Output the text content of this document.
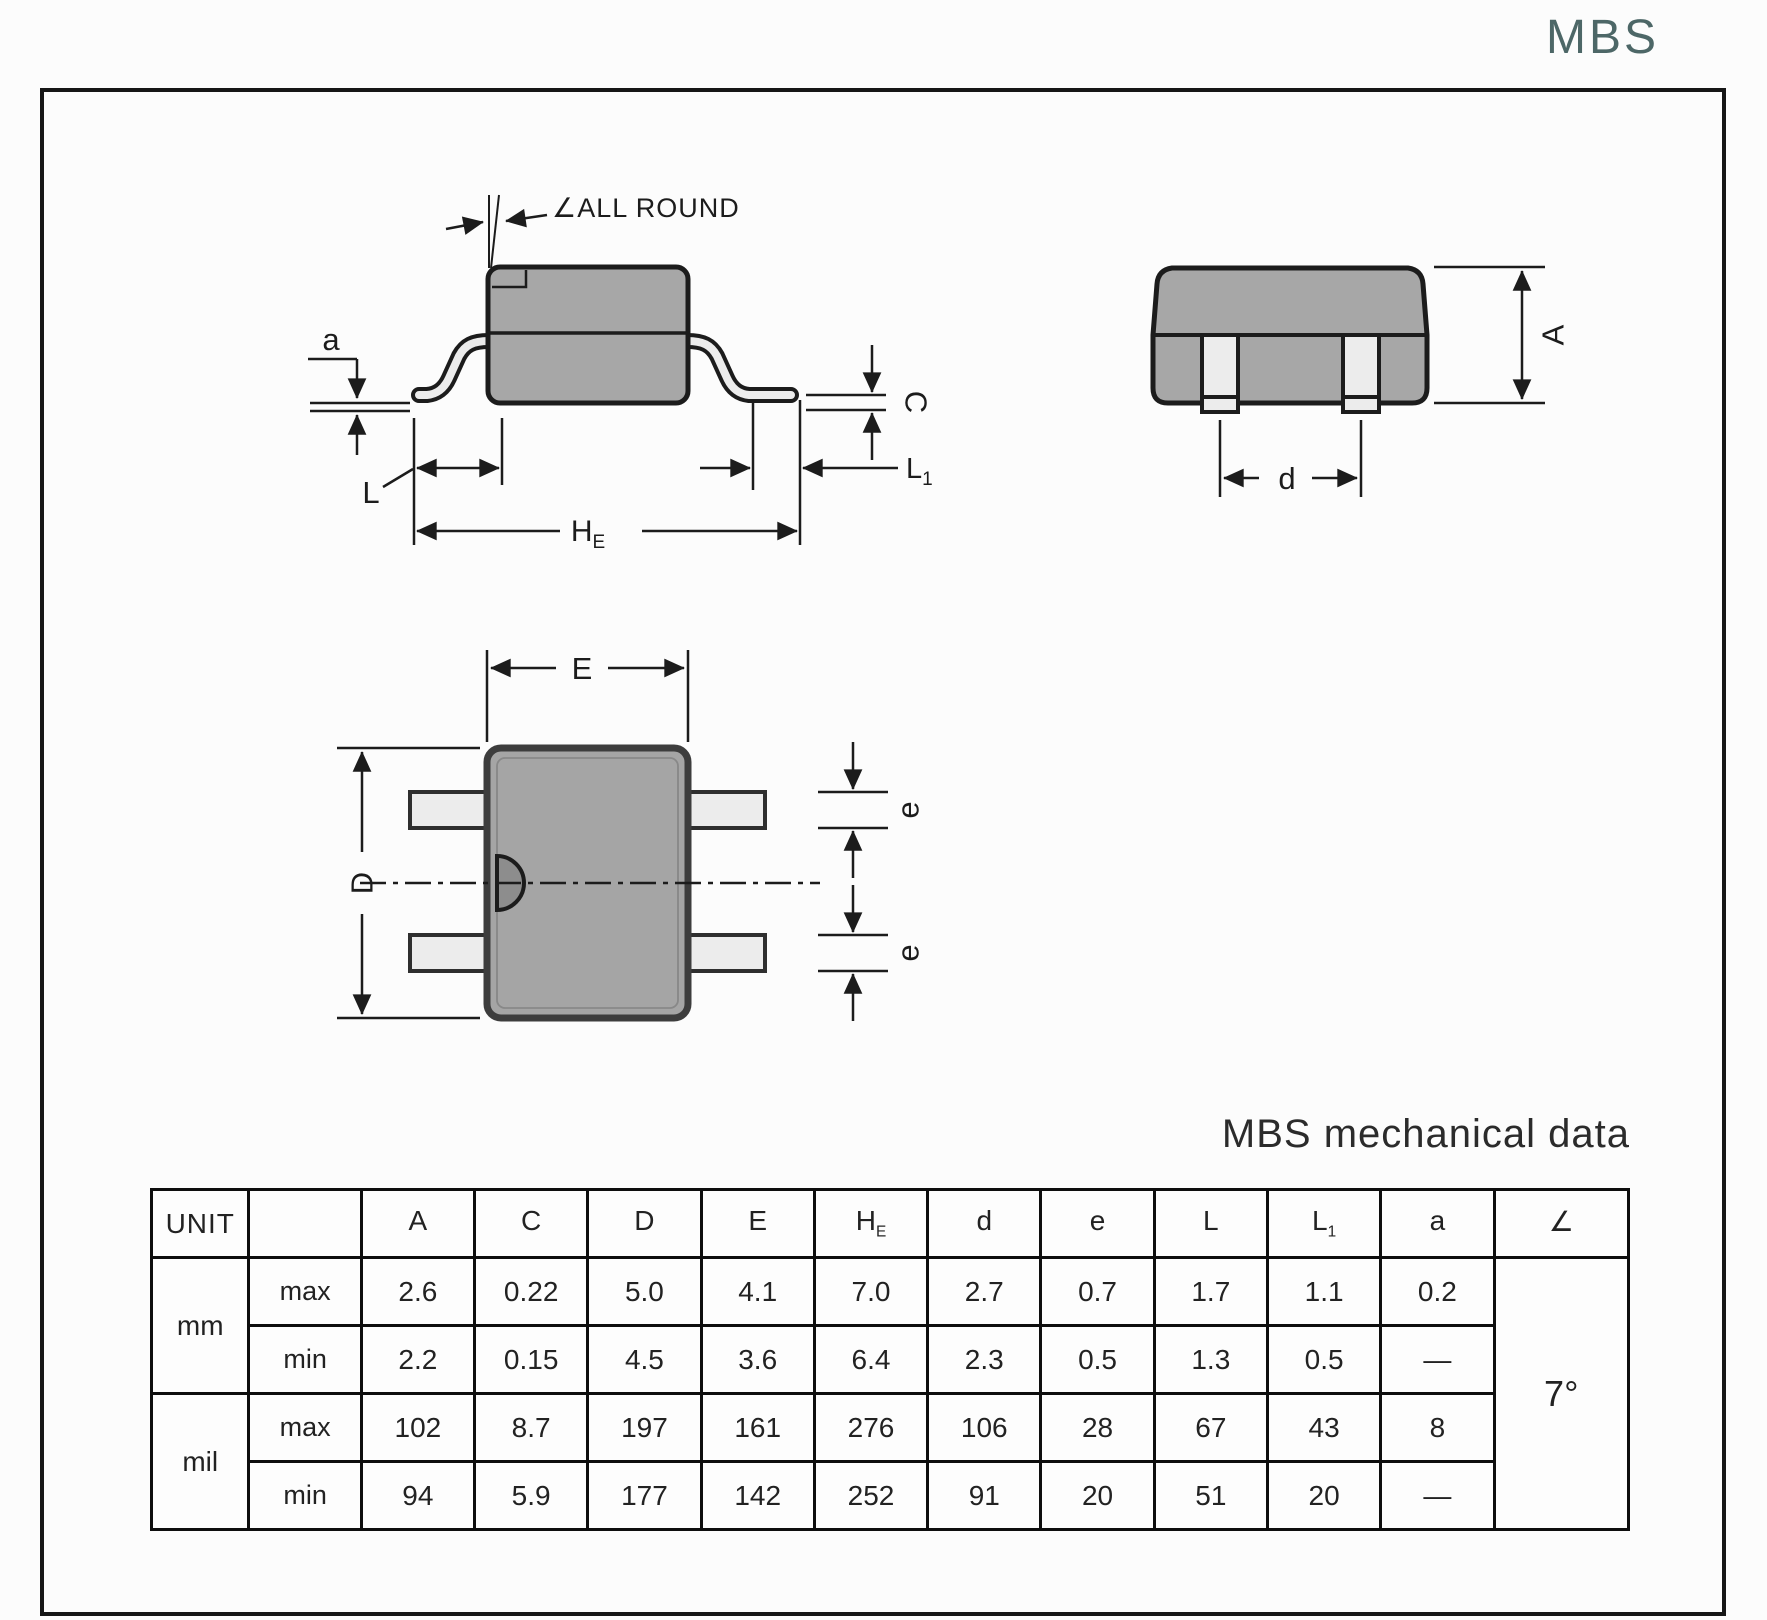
MBS
∠ALL ROUND
a
L
C
$L_1$
$H_E$
A
d
E
D
e
e
MBS mechanical data
UNIT		A	C	D	E	$H_E$	d	e	L	$L_1$	a	∠
mm	max	2.6	0.22	5.0	4.1	7.0	2.7	0.7	1.7	1.1	0.2	7°
	min	2.2	0.15	4.5	3.6	6.4	2.3	0.5	1.3	0.5	—	
mil	max	102	8.7	197	161	276	106	28	67	43	8	
	min	94	5.9	177	142	252	91	20	51	20	—	
